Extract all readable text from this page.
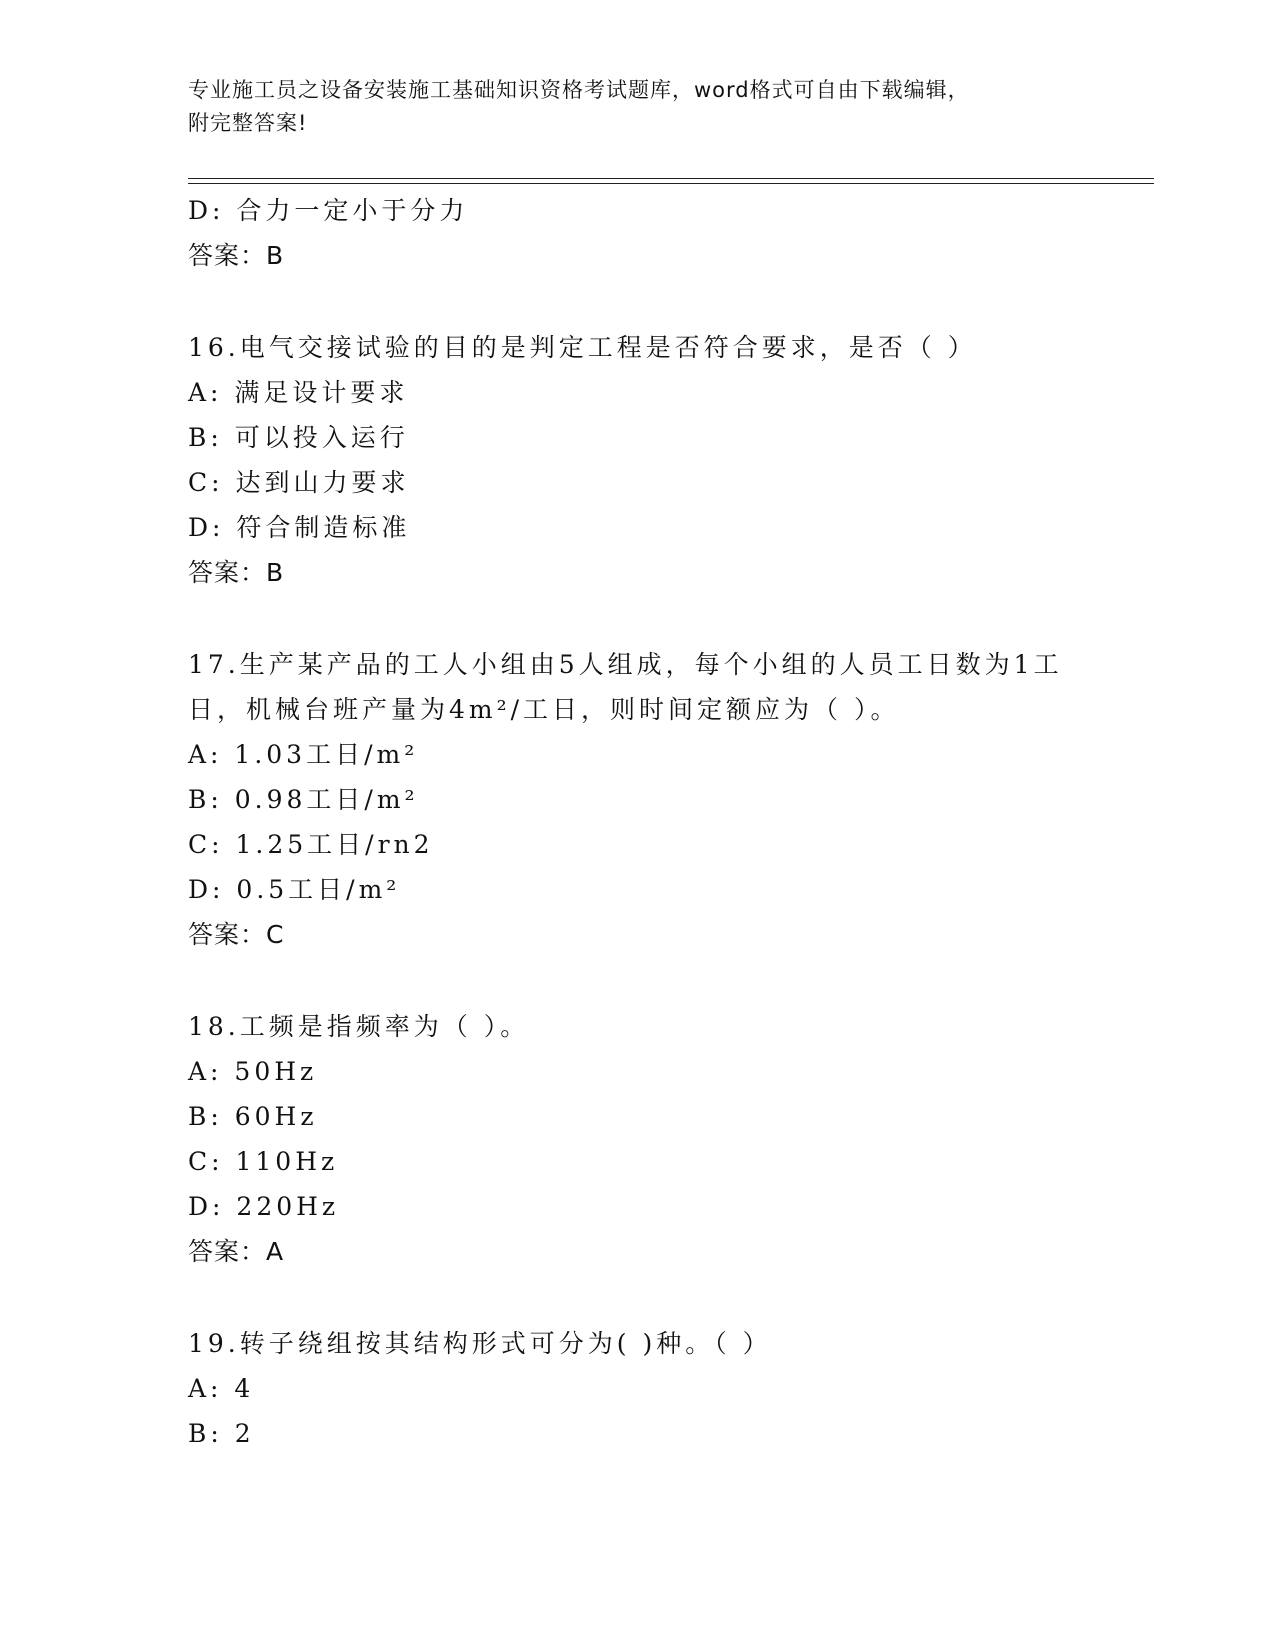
专业施工员之设备安装施工基础知识资格考试题库，word格式可自由下载编辑，
附完整答案!
D: 合力一定小于分力
答案：B
16.电气交接试验的目的是判定工程是否符合要求，是否（ ）
A: 满足设计要求
B: 可以投入运行
C: 达到山力要求
D: 符合制造标准
答案：B
17.生产某产品的工人小组由5人组成，每个小组的人员工日数为1工
日，机械台班产量为4m²/工日，则时间定额应为（ ）。
A: 1.03工日/m²
B: 0.98工日/m²
C: 1.25工日/rn2
D: 0.5工日/m²
答案：C
18.工频是指频率为（ ）。
A: 50Hz
B: 60Hz
C: 110Hz
D: 220Hz
答案：A
19.转子绕组按其结构形式可分为( )种。（ ）
A: 4
B: 2
